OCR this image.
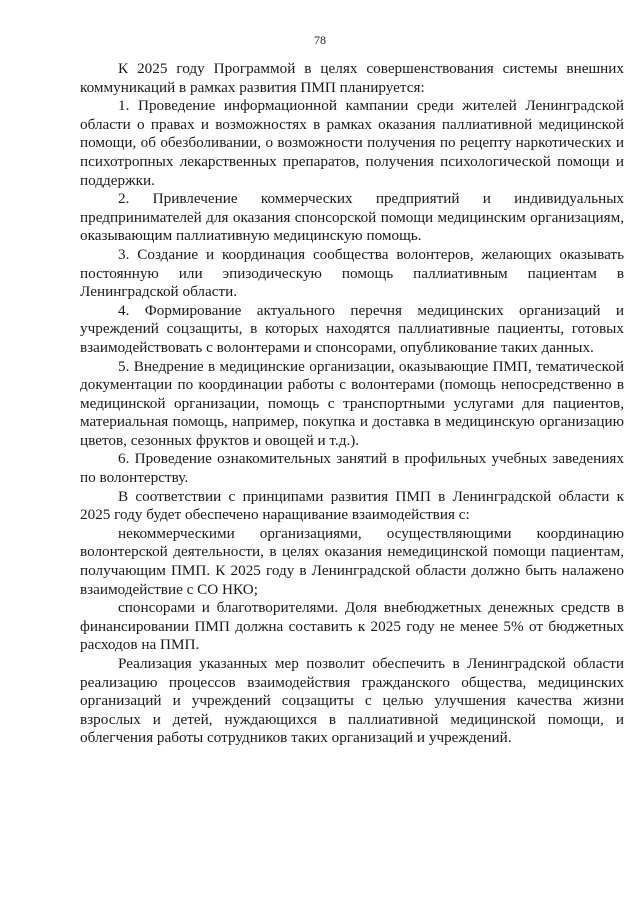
78

К 2025 году Программой в целях совершенствования системы внешних коммуникаций в рамках развития ПМП планируется:

1. Проведение информационной кампании среди жителей Ленинградской области о правах и возможностях в рамках оказания паллиативной медицинской помощи, об обезболивании, о возможности получения по рецепту наркотических и психотропных лекарственных препаратов, получения психологической помощи и поддержки.

2. Привлечение коммерческих предприятий и индивидуальных предпринимателей для оказания спонсорской помощи медицинским организациям, оказывающим паллиативную медицинскую помощь.

3. Создание и координация сообщества волонтеров, желающих оказывать постоянную или эпизодическую помощь паллиативным пациентам в Ленинградской области.

4. Формирование актуального перечня медицинских организаций и учреждений соцзащиты, в которых находятся паллиативные пациенты, готовых взаимодействовать с волонтерами и спонсорами, опубликование таких данных.

5. Внедрение в медицинские организации, оказывающие ПМП, тематической документации по координации работы с волонтерами (помощь непосредственно в медицинской организации, помощь с транспортными услугами для пациентов, материальная помощь, например, покупка и доставка в медицинскую организацию цветов, сезонных фруктов и овощей и т.д.).

6. Проведение ознакомительных занятий в профильных учебных заведениях по волонтерству.

В соответствии с принципами развития ПМП в Ленинградской области к 2025 году будет обеспечено наращивание взаимодействия с:

некоммерческими организациями, осуществляющими координацию волонтерской деятельности, в целях оказания немедицинской помощи пациентам, получающим ПМП. К 2025 году в Ленинградской области должно быть налажено взаимодействие с СО НКО;

спонсорами и благотворителями. Доля внебюджетных денежных средств в финансировании ПМП должна составить к 2025 году не менее 5% от бюджетных расходов на ПМП.

Реализация указанных мер позволит обеспечить в Ленинградской области реализацию процессов взаимодействия гражданского общества, медицинских организаций и учреждений соцзащиты с целью улучшения качества жизни взрослых и детей, нуждающихся в паллиативной медицинской помощи, и облегчения работы сотрудников таких организаций и учреждений.
